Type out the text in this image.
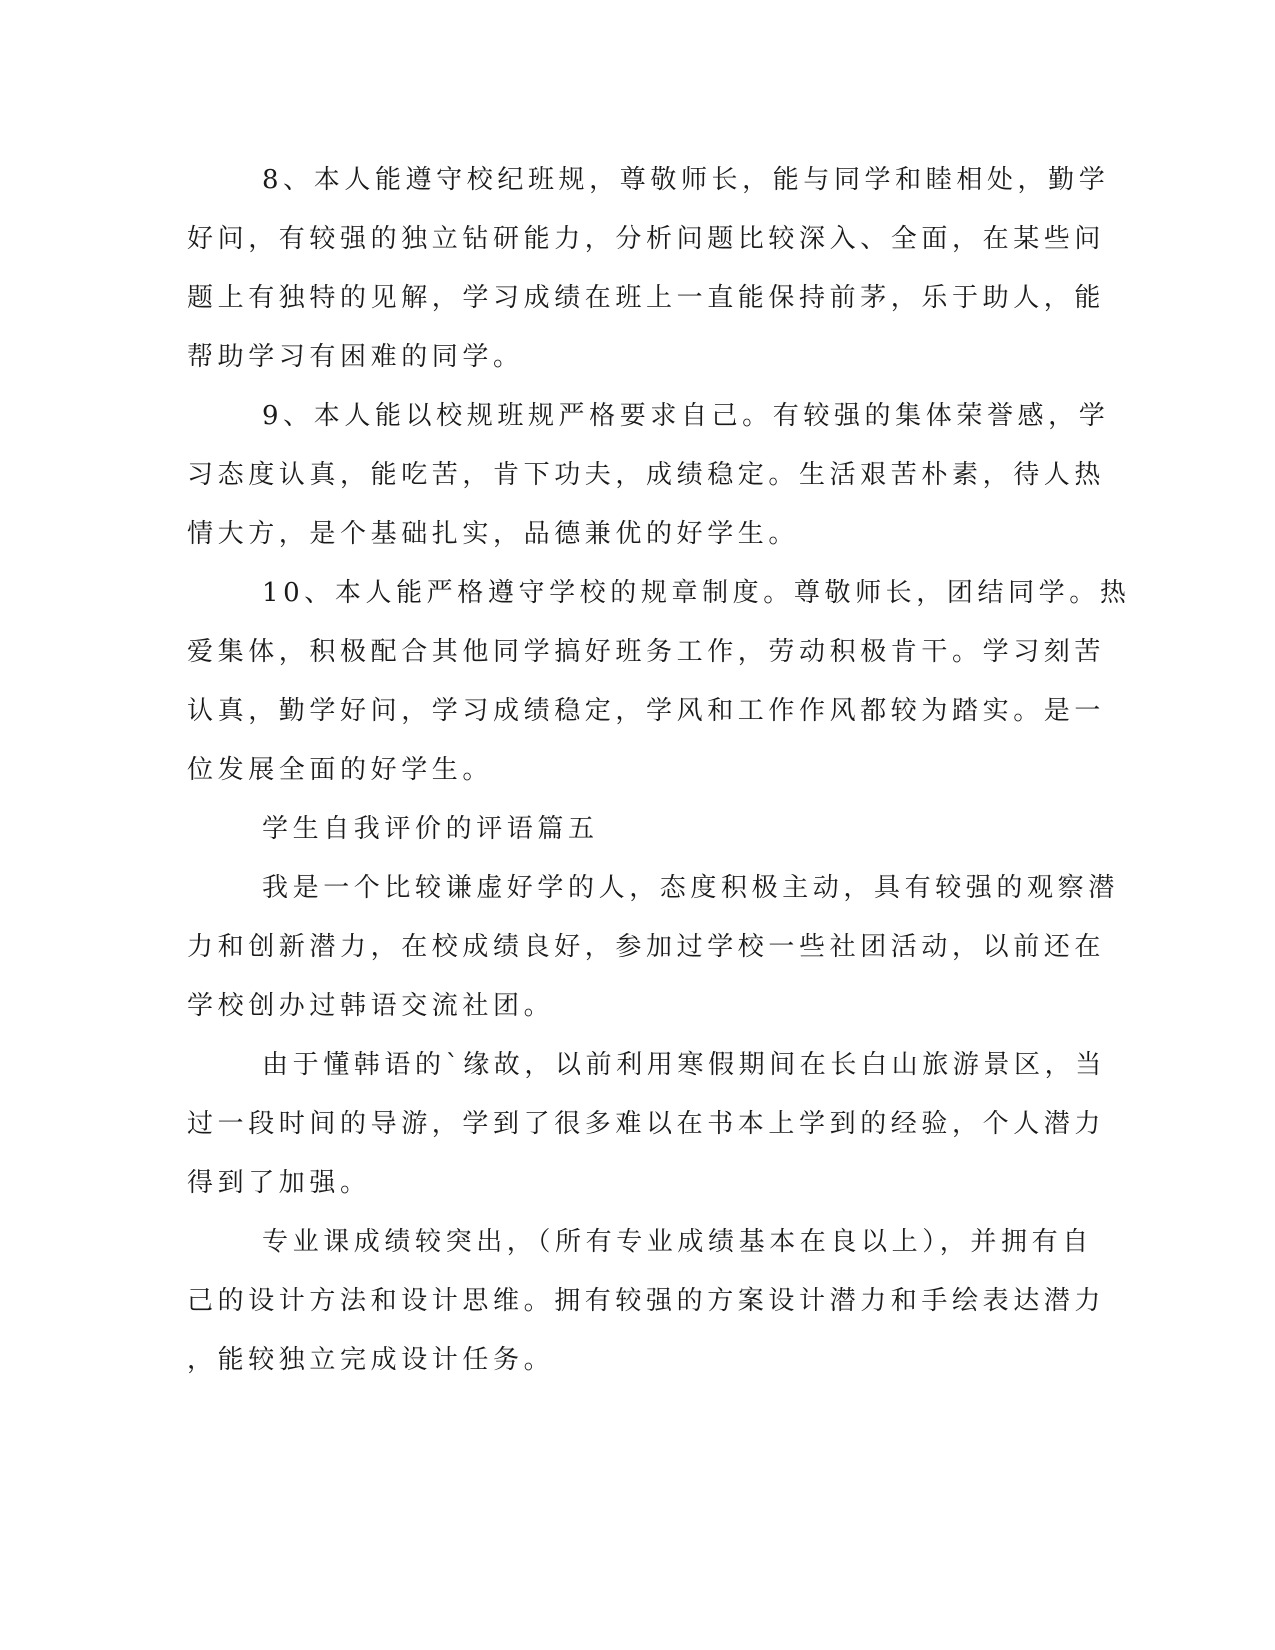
8、本人能遵守校纪班规，尊敬师长，能与同学和睦相处，勤学
好问，有较强的独立钻研能力，分析问题比较深入、全面，在某些问
题上有独特的见解，学习成绩在班上一直能保持前茅，乐于助人，能
帮助学习有困难的同学。
9、本人能以校规班规严格要求自己。有较强的集体荣誉感，学
习态度认真，能吃苦，肯下功夫，成绩稳定。生活艰苦朴素，待人热
情大方，是个基础扎实，品德兼优的好学生。
10、本人能严格遵守学校的规章制度。尊敬师长，团结同学。热
爱集体，积极配合其他同学搞好班务工作，劳动积极肯干。学习刻苦
认真，勤学好问，学习成绩稳定，学风和工作作风都较为踏实。是一
位发展全面的好学生。
学生自我评价的评语篇五
我是一个比较谦虚好学的人，态度积极主动，具有较强的观察潜
力和创新潜力，在校成绩良好，参加过学校一些社团活动，以前还在
学校创办过韩语交流社团。
由于懂韩语的`缘故，以前利用寒假期间在长白山旅游景区，当
过一段时间的导游，学到了很多难以在书本上学到的经验，个人潜力
得到了加强。
专业课成绩较突出，（所有专业成绩基本在良以上），并拥有自
己的设计方法和设计思维。拥有较强的方案设计潜力和手绘表达潜力
，能较独立完成设计任务。
